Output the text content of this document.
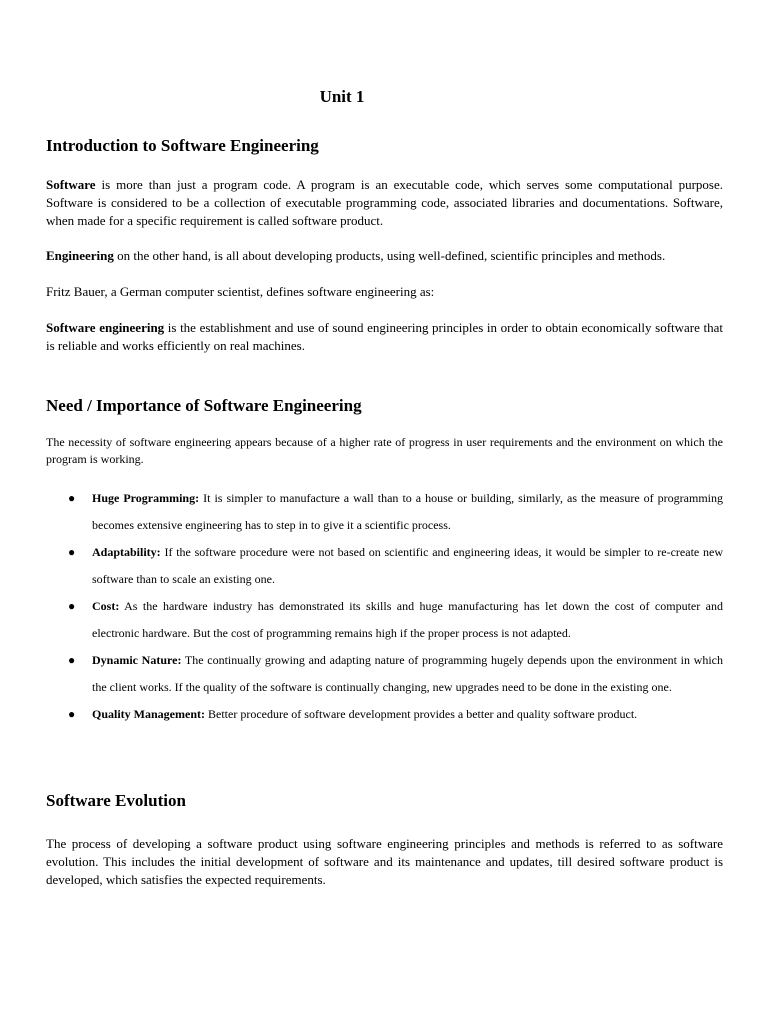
Unit 1
Introduction to Software Engineering

Software is more than just a program code. A program is an executable code, which serves some computational purpose. Software is considered to be a collection of executable programming code, associated libraries and documentations. Software, when made for a specific requirement is called software product.

Engineering on the other hand, is all about developing products, using well-defined, scientific principles and methods.

Fritz Bauer, a German computer scientist, defines software engineering as:

Software engineering is the establishment and use of sound engineering principles in order to obtain economically software that is reliable and works efficiently on real machines.

Need / Importance of Software Engineering

The necessity of software engineering appears because of a higher rate of progress in user requirements and the environment on which the program is working.

● Huge Programming: It is simpler to manufacture a wall than to a house or building, similarly, as the measure of programming becomes extensive engineering has to step in to give it a scientific process.
● Adaptability: If the software procedure were not based on scientific and engineering ideas, it would be simpler to re-create new software than to scale an existing one.
● Cost: As the hardware industry has demonstrated its skills and huge manufacturing has let down the cost of computer and electronic hardware. But the cost of programming remains high if the proper process is not adapted.
● Dynamic Nature: The continually growing and adapting nature of programming hugely depends upon the environment in which the client works. If the quality of the software is continually changing, new upgrades need to be done in the existing one.
● Quality Management: Better procedure of software development provides a better and quality software product.
Software Evolution

The process of developing a software product using software engineering principles and methods is referred to as software evolution. This includes the initial development of software and its maintenance and updates, till desired software product is developed, which satisfies the expected requirements.
